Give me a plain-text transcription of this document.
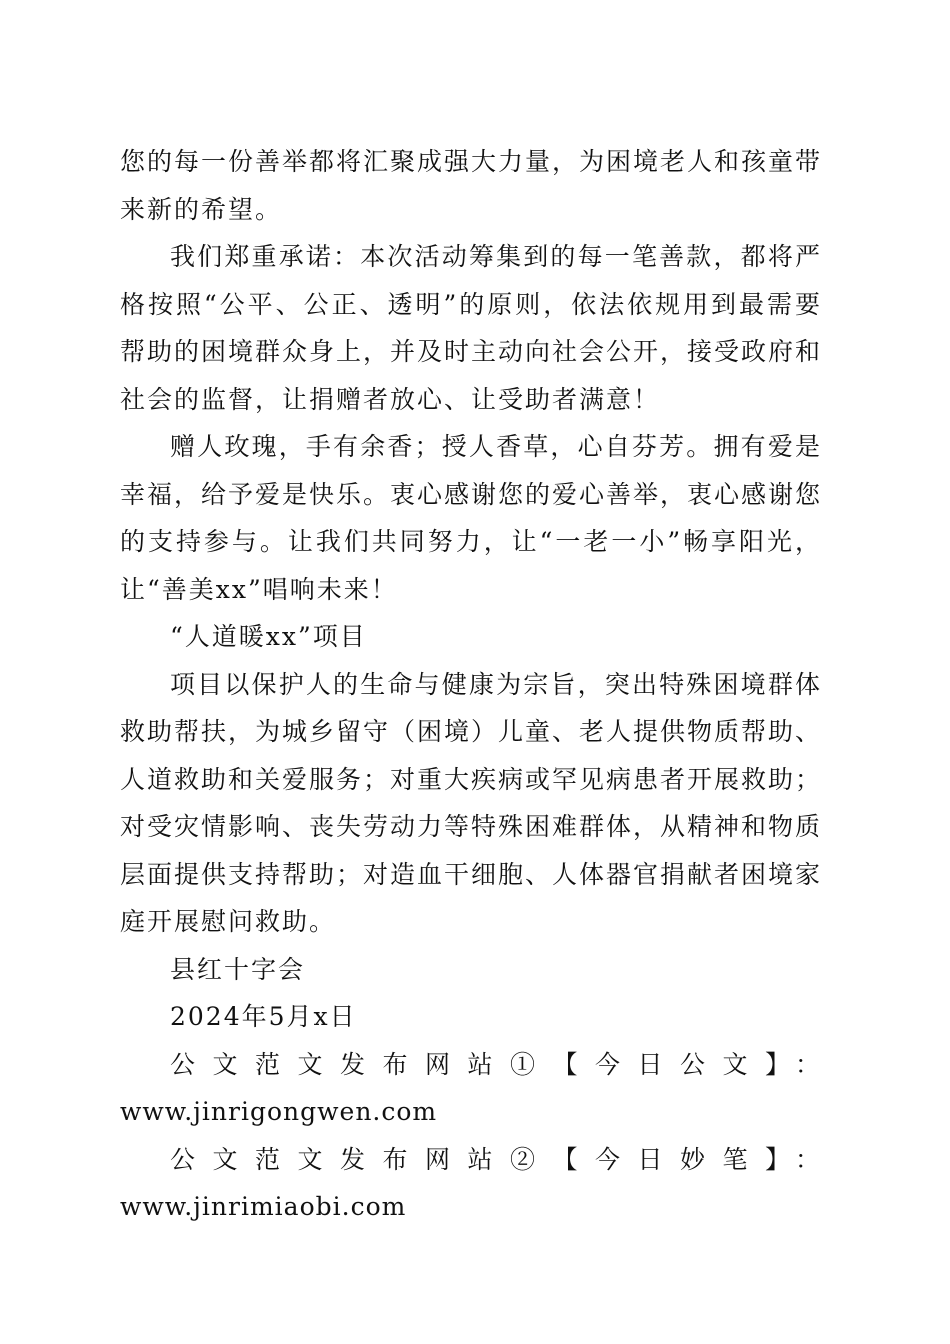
您的每一份善举都将汇聚成强大力量，为困境老人和孩童带来新的希望。

我们郑重承诺：本次活动筹集到的每一笔善款，都将严格按照“公平、公正、透明”的原则，依法依规用到最需要帮助的困境群众身上，并及时主动向社会公开，接受政府和社会的监督，让捐赠者放心、让受助者满意！

赠人玫瑰，手有余香；授人香草，心自芬芳。拥有爱是幸福，给予爱是快乐。衷心感谢您的爱心善举，衷心感谢您的支持参与。让我们共同努力，让“一老一小”畅享阳光，让“善美xx”唱响未来！

“人道暖xx”项目

项目以保护人的生命与健康为宗旨，突出特殊困境群体救助帮扶，为城乡留守（困境）儿童、老人提供物质帮助、人道救助和关爱服务；对重大疾病或罕见病患者开展救助；对受灾情影响、丧失劳动力等特殊困难群体，从精神和物质层面提供支持帮助；对造血干细胞、人体器官捐献者困境家庭开展慰问救助。

县红十字会

2024年5月x日

公文范文发布网站①【今日公文】：
www.jinrigongwen.com

公文范文发布网站②【今日妙笔】：www.jinrimiaobi.com
